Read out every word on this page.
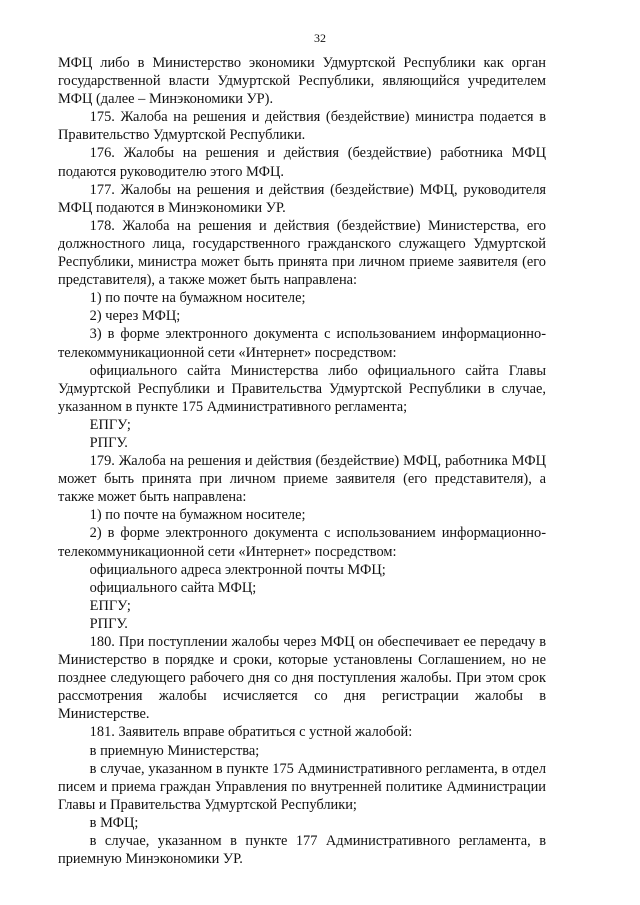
32

МФЦ либо в Министерство экономики Удмуртской Республики как орган государственной власти Удмуртской Республики, являющийся учредителем МФЦ (далее – Минэкономики УР).

175. Жалоба на решения и действия (бездействие) министра подается в Правительство Удмуртской Республики.

176. Жалобы на решения и действия (бездействие) работника МФЦ подаются руководителю этого МФЦ.

177. Жалобы на решения и действия (бездействие) МФЦ, руководителя МФЦ подаются в Минэкономики УР.

178. Жалоба на решения и действия (бездействие) Министерства, его должностного лица, государственного гражданского служащего Удмуртской Республики, министра может быть принята при личном приеме заявителя (его представителя), а также может быть направлена:

1) по почте на бумажном носителе;

2) через МФЦ;

3) в форме электронного документа с использованием информационно-телекоммуникационной сети «Интернет» посредством:

официального сайта Министерства либо официального сайта Главы Удмуртской Республики и Правительства Удмуртской Республики в случае, указанном в пункте 175 Административного регламента;

ЕПГУ;

РПГУ.

179. Жалоба на решения и действия (бездействие) МФЦ, работника МФЦ может быть принята при личном приеме заявителя (его представителя), а также может быть направлена:

1) по почте на бумажном носителе;

2) в форме электронного документа с использованием информационно-телекоммуникационной сети «Интернет» посредством:

официального адреса электронной почты МФЦ;

официального сайта МФЦ;

ЕПГУ;

РПГУ.

180. При поступлении жалобы через МФЦ он обеспечивает ее передачу в Министерство в порядке и сроки, которые установлены Соглашением, но не позднее следующего рабочего дня со дня поступления жалобы. При этом срок рассмотрения жалобы исчисляется со дня регистрации жалобы в Министерстве.

181. Заявитель вправе обратиться с устной жалобой:

в приемную Министерства;

в случае, указанном в пункте 175 Административного регламента, в отдел писем и приема граждан Управления по внутренней политике Администрации Главы и Правительства Удмуртской Республики;

в МФЦ;

в случае, указанном в пункте 177 Административного регламента, в приемную Минэкономики УР.
